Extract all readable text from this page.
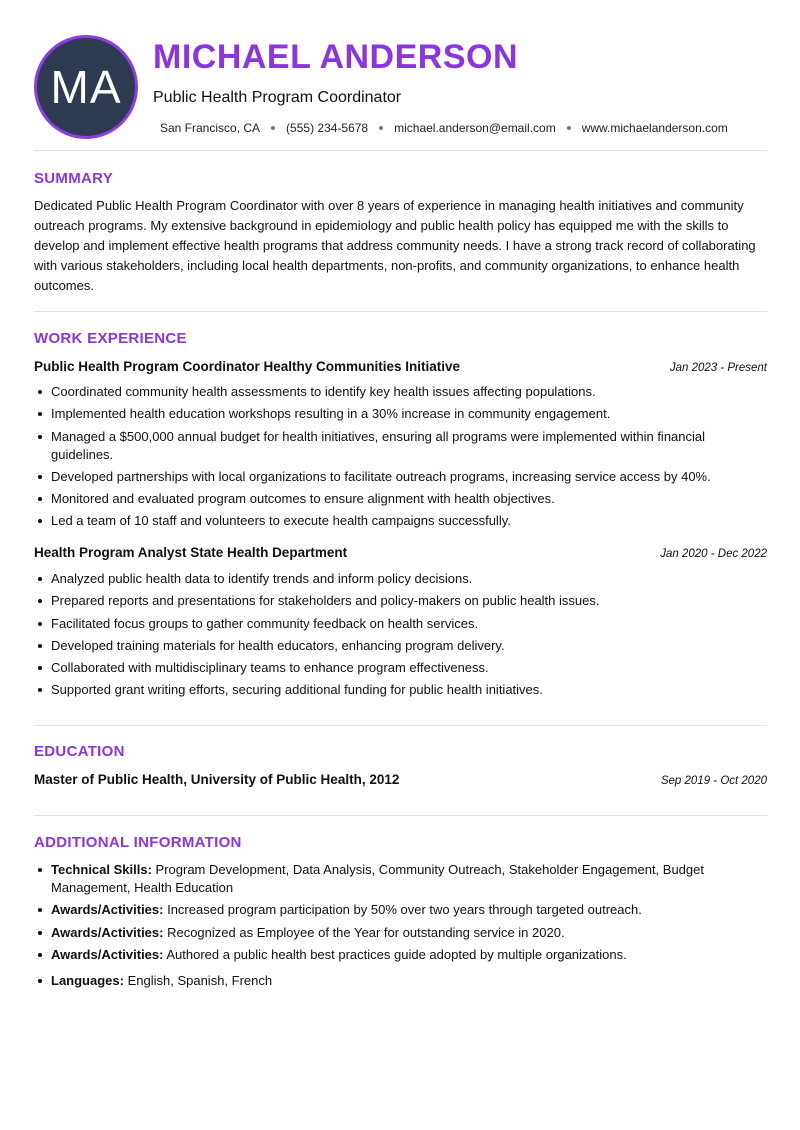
MA
MICHAEL ANDERSON
Public Health Program Coordinator
San Francisco, CA (555) 234-5678 michael.anderson@email.com www.michaelanderson.com
SUMMARY

Dedicated Public Health Program Coordinator with over 8 years of experience in managing health initiatives and community outreach programs. My extensive background in epidemiology and public health policy has equipped me with the skills to develop and implement effective health programs that address community needs. I have a strong track record of collaborating with various stakeholders, including local health departments, non-profits, and community organizations, to enhance health outcomes.

WORK EXPERIENCE
Public Health Program Coordinator Healthy Communities Initiative	Jan 2023 - Present
Coordinated community health assessments to identify key health issues affecting populations.
Implemented health education workshops resulting in a 30% increase in community engagement.
Managed a $500,000 annual budget for health initiatives, ensuring all programs were implemented within financial guidelines.
Developed partnerships with local organizations to facilitate outreach programs, increasing service access by 40%.
Monitored and evaluated program outcomes to ensure alignment with health objectives.
Led a team of 10 staff and volunteers to execute health campaigns successfully.
Health Program Analyst State Health Department	Jan 2020 - Dec 2022
Analyzed public health data to identify trends and inform policy decisions.
Prepared reports and presentations for stakeholders and policy-makers on public health issues.
Facilitated focus groups to gather community feedback on health services.
Developed training materials for health educators, enhancing program delivery.
Collaborated with multidisciplinary teams to enhance program effectiveness.
Supported grant writing efforts, securing additional funding for public health initiatives.
EDUCATION
Master of Public Health, University of Public Health, 2012	Sep 2019 - Oct 2020
ADDITIONAL INFORMATION
Technical Skills: Program Development, Data Analysis, Community Outreach, Stakeholder Engagement, Budget Management, Health Education
Awards/Activities: Increased program participation by 50% over two years through targeted outreach.
Awards/Activities: Recognized as Employee of the Year for outstanding service in 2020.
Awards/Activities: Authored a public health best practices guide adopted by multiple organizations.
Languages: English, Spanish, French
